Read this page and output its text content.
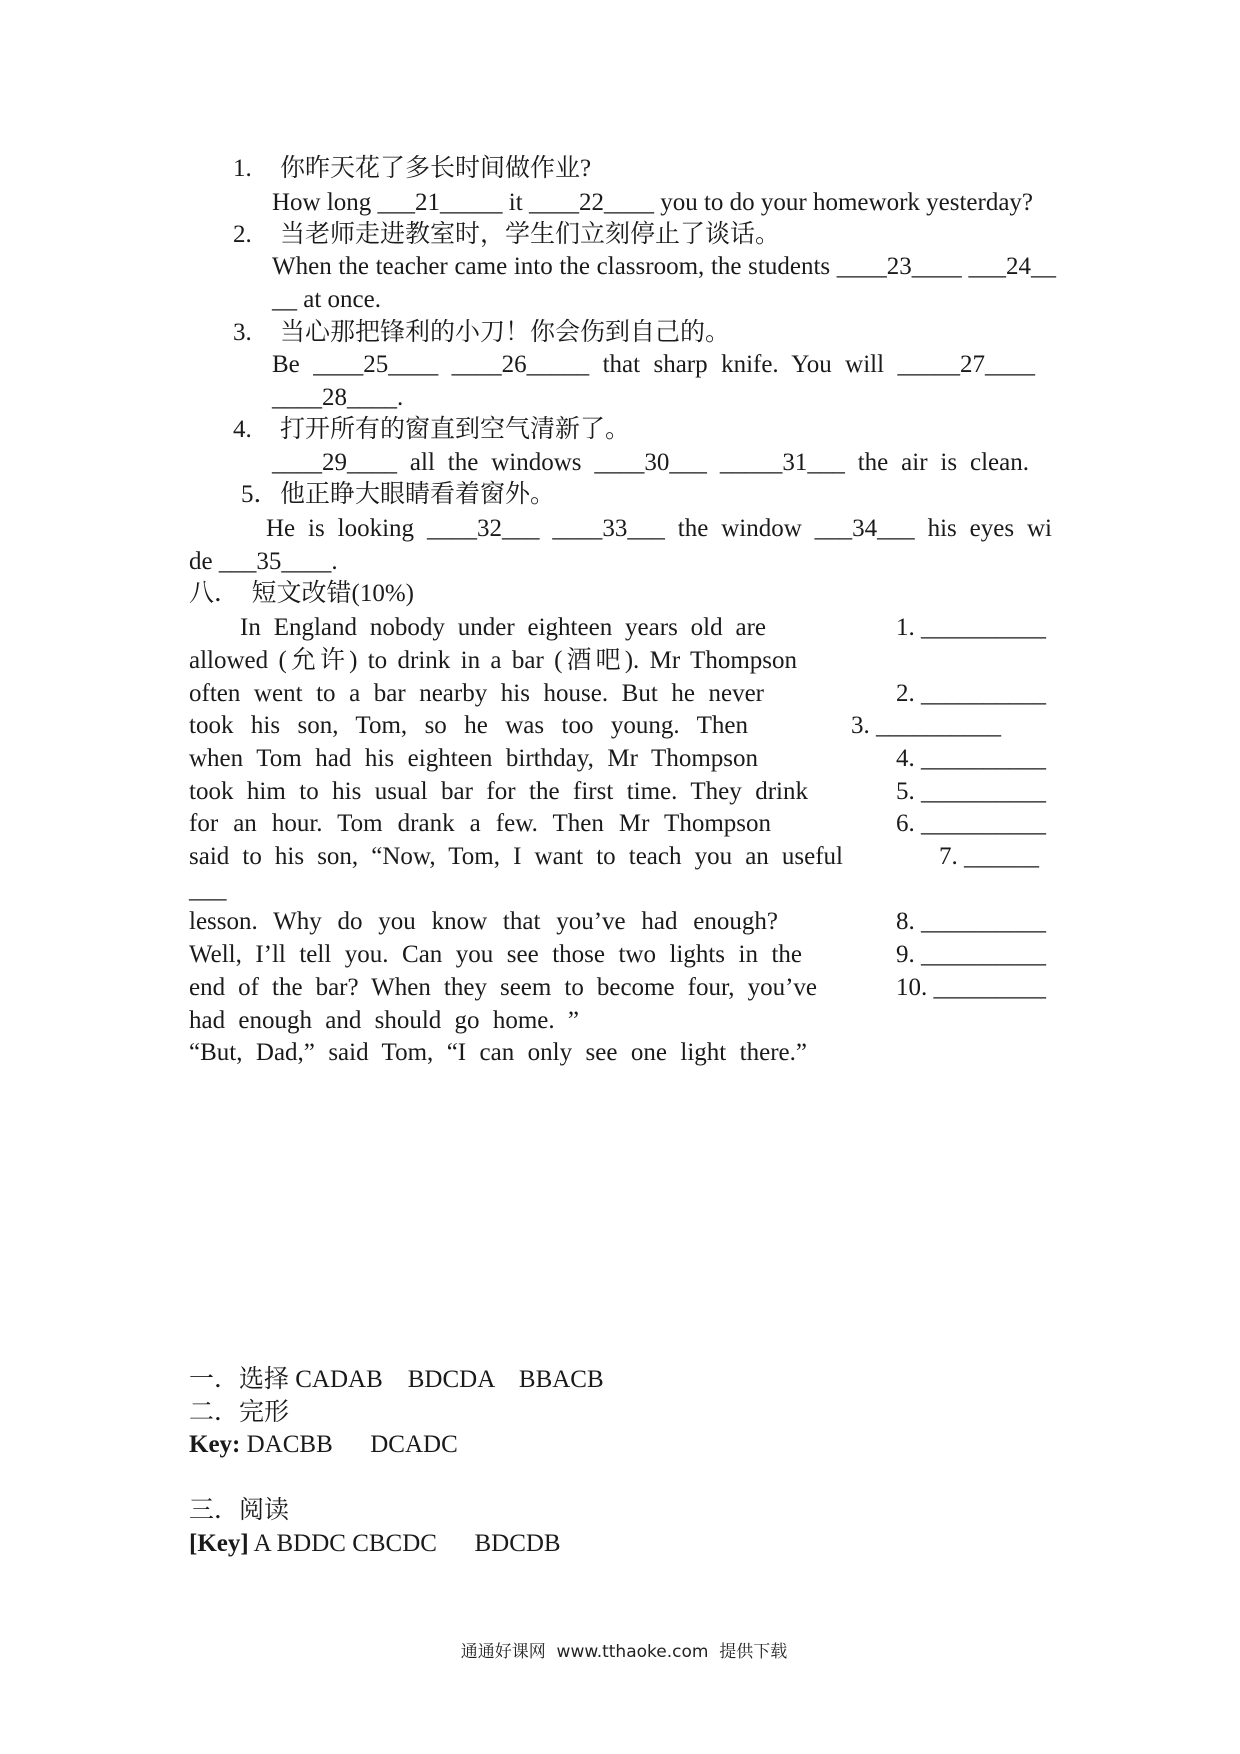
1. 你昨天花了多长时间做作业?
How long ___21_____ it ____22____ you to do your homework yesterday?
2. 当老师走进教室时，学生们立刻停止了谈话。
When the teacher came into the classroom, the students ____23____ ___24__
__ at once.
3. 当心那把锋利的小刀！你会伤到自己的。
Be ____25____ ____26_____ that sharp knife. You will _____27____
____28____.
4. 打开所有的窗直到空气清新了。
____29____ all the windows ____30___ _____31___ the air is clean.
5． 他正睁大眼睛看着窗外。
He is looking ____32___ ____33___ the window ___34___ his eyes wi
de ___35____.
八．  短文改错(10%)
In England nobody under eighteen years old are	1. __________
allowed (允许) to drink in a bar (酒吧). Mr Thompson
often went to a bar nearby his house. But he never	2. __________
took his son, Tom, so he was too young. Then	3. __________
when Tom had his eighteen birthday, Mr Thompson	4. __________
took him to his usual bar for the first time. They drink	5. __________
for an hour. Tom drank a few. Then Mr Thompson	6. __________
said to his son, “Now, Tom, I want to teach you an useful	7. ______
___
lesson. Why do you know that you’ve had enough?	8. __________
Well, I’ll tell you. Can you see those two lights in the	9. __________
end of the bar? When they seem to become four, you’ve	10. _________
had enough and should go home. ”
“But, Dad,” said Tom, “I can only see one light there.”
一．选择 CADAB    BDCDA    BBACB
二．完形
Key: DACBB      DCADC
三．阅读
[Key] A BDDC CBCDC      BDCDB
通通好课网  www.tthaoke.com  提供下载
